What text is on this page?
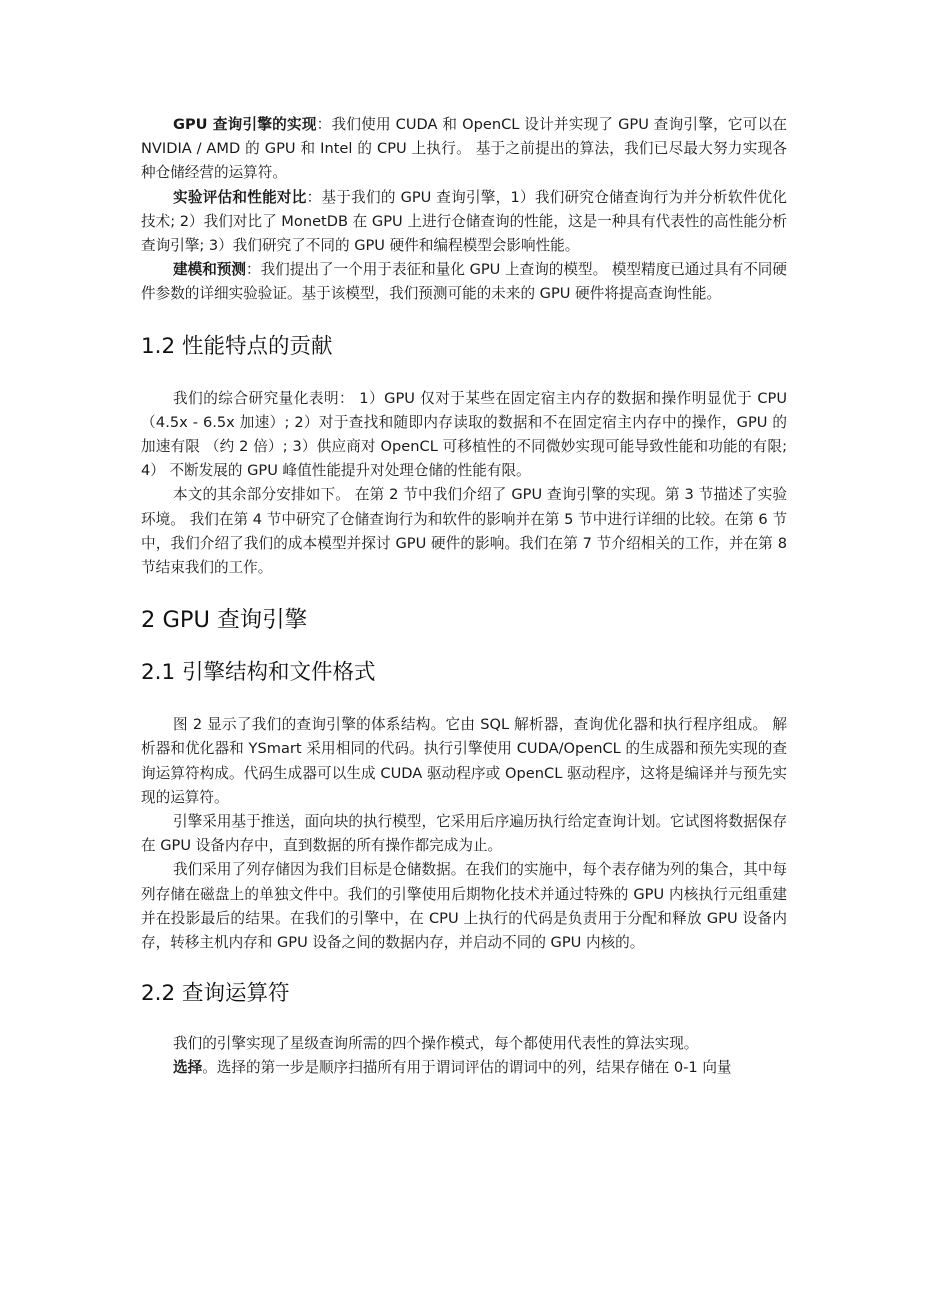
GPU 查询引擎的实现：我们使用 CUDA 和 OpenCL 设计并实现了 GPU 查询引擎，它可以在 NVIDIA / AMD 的 GPU 和 Intel 的 CPU 上执行。 基于之前提出的算法，我们已尽最大努力实现各种仓储经营的运算符。

实验评估和性能对比：基于我们的 GPU 查询引擎，1）我们研究仓储查询行为并分析软件优化技术; 2）我们对比了 MonetDB 在 GPU 上进行仓储查询的性能，这是一种具有代表性的高性能分析查询引擎; 3）我们研究了不同的 GPU 硬件和编程模型会影响性能。

建模和预测：我们提出了一个用于表征和量化 GPU 上查询的模型。 模型精度已通过具有不同硬件参数的详细实验验证。基于该模型，我们预测可能的未来的 GPU 硬件将提高查询性能。

1.2 性能特点的贡献

我们的综合研究量化表明： 1）GPU 仅对于某些在固定宿主内存的数据和操作明显优于 CPU（4.5x - 6.5x 加速）; 2）对于查找和随即内存读取的数据和不在固定宿主内存中的操作，GPU 的加速有限 （约 2 倍）; 3）供应商对 OpenCL 可移植性的不同微妙实现可能导致性能和功能的有限; 4） 不断发展的 GPU 峰值性能提升对处理仓储的性能有限。

本文的其余部分安排如下。 在第 2 节中我们介绍了 GPU 查询引擎的实现。第 3 节描述了实验环境。 我们在第 4 节中研究了仓储查询行为和软件的影响并在第 5 节中进行详细的比较。在第 6 节中，我们介绍了我们的成本模型并探讨 GPU 硬件的影响。我们在第 7 节介绍相关的工作，并在第 8 节结束我们的工作。

2 GPU 查询引擎
2.1 引擎结构和文件格式

图 2 显示了我们的查询引擎的体系结构。它由 SQL 解析器，查询优化器和执行程序组成。 解析器和优化器和 YSmart 采用相同的代码。执行引擎使用 CUDA/OpenCL 的生成器和预先实现的查询运算符构成。代码生成器可以生成 CUDA 驱动程序或 OpenCL 驱动程序，这将是编译并与预先实现的运算符。

引擎采用基于推送，面向块的执行模型，它采用后序遍历执行给定查询计划。它试图将数据保存在 GPU 设备内存中，直到数据的所有操作都完成为止。

我们采用了列存储因为我们目标是仓储数据。在我们的实施中，每个表存储为列的集合，其中每列存储在磁盘上的单独文件中。我们的引擎使用后期物化技术并通过特殊的 GPU 内核执行元组重建并在投影最后的结果。在我们的引擎中，在 CPU 上执行的代码是负责用于分配和释放 GPU 设备内存，转移主机内存和 GPU 设备之间的数据内存，并启动不同的 GPU 内核的。

2.2 查询运算符

我们的引擎实现了星级查询所需的四个操作模式，每个都使用代表性的算法实现。

选择。选择的第一步是顺序扫描所有用于谓词评估的谓词中的列，结果存储在 0-1 向量
